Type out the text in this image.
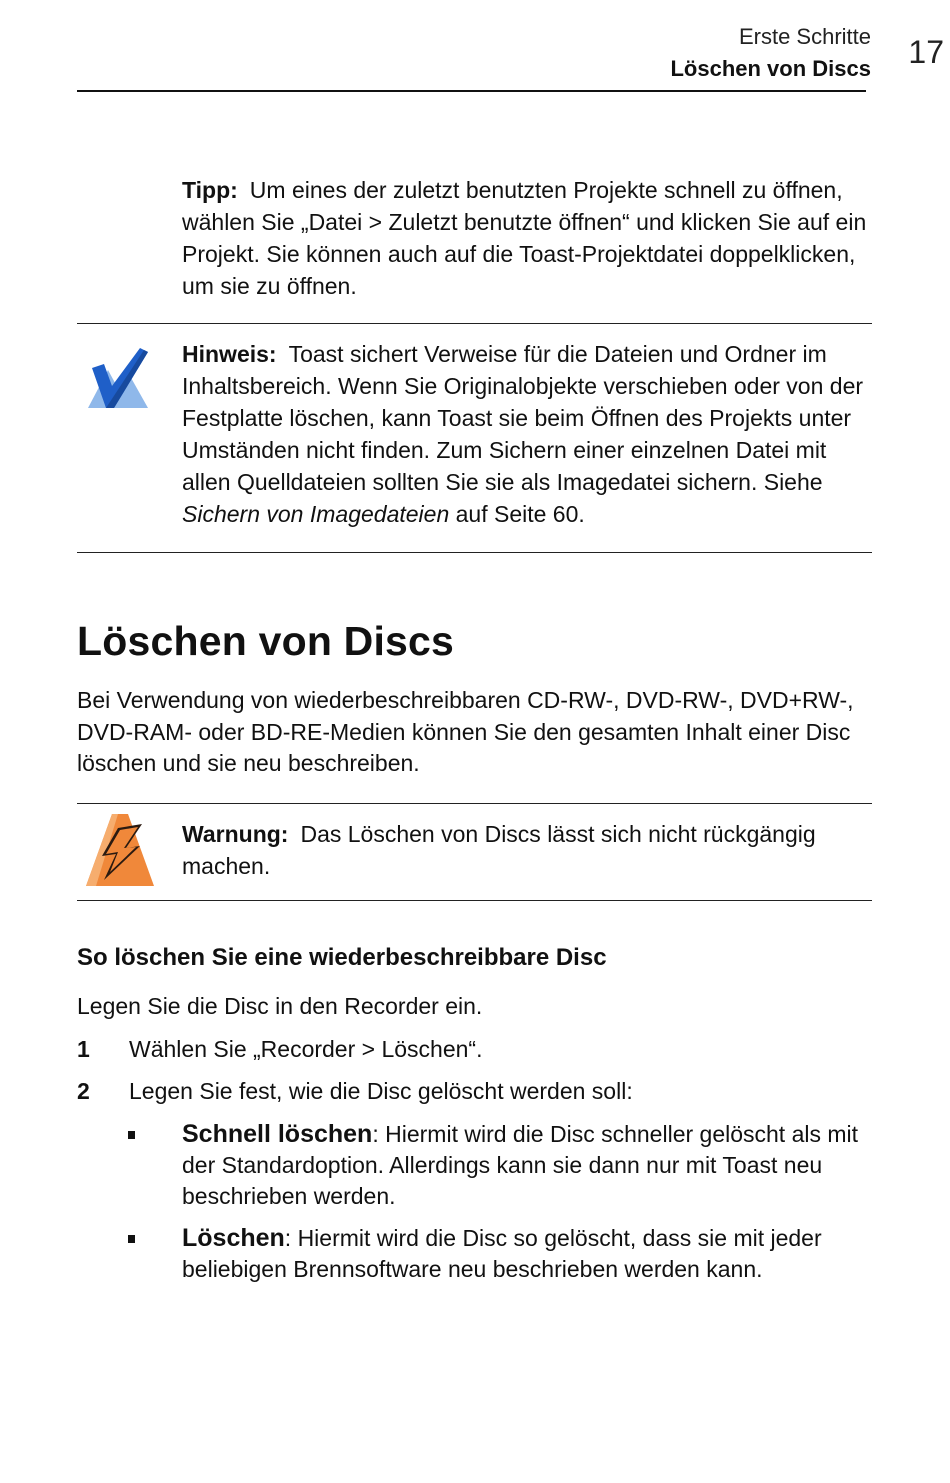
Erste Schritte
Löschen von Discs 17
Tipp: Um eines der zuletzt benutzten Projekte schnell zu öffnen, wählen Sie „Datei > Zuletzt benutzte öffnen“ und klicken Sie auf ein Projekt. Sie können auch auf die Toast-Projektdatei doppelklicken, um sie zu öffnen.
Hinweis: Toast sichert Verweise für die Dateien und Ordner im Inhaltsbereich. Wenn Sie Originalobjekte verschieben oder von der Festplatte löschen, kann Toast sie beim Öffnen des Projekts unter Umständen nicht finden. Zum Sichern einer einzelnen Datei mit allen Quelldateien sollten Sie sie als Imagedatei sichern. Siehe Sichern von Imagedateien auf Seite 60.
Löschen von Discs
Bei Verwendung von wiederbeschreibbaren CD-RW-, DVD-RW-, DVD+RW-, DVD-RAM- oder BD-RE-Medien können Sie den gesamten Inhalt einer Disc löschen und sie neu beschreiben.
Warnung: Das Löschen von Discs lässt sich nicht rückgängig machen.
So löschen Sie eine wiederbeschreibbare Disc
Legen Sie die Disc in den Recorder ein.
1 Wählen Sie „Recorder > Löschen“.
2 Legen Sie fest, wie die Disc gelöscht werden soll:
Schnell löschen: Hiermit wird die Disc schneller gelöscht als mit der Standardoption. Allerdings kann sie dann nur mit Toast neu beschrieben werden.
Löschen: Hiermit wird die Disc so gelöscht, dass sie mit jeder beliebigen Brennsoftware neu beschrieben werden kann.
